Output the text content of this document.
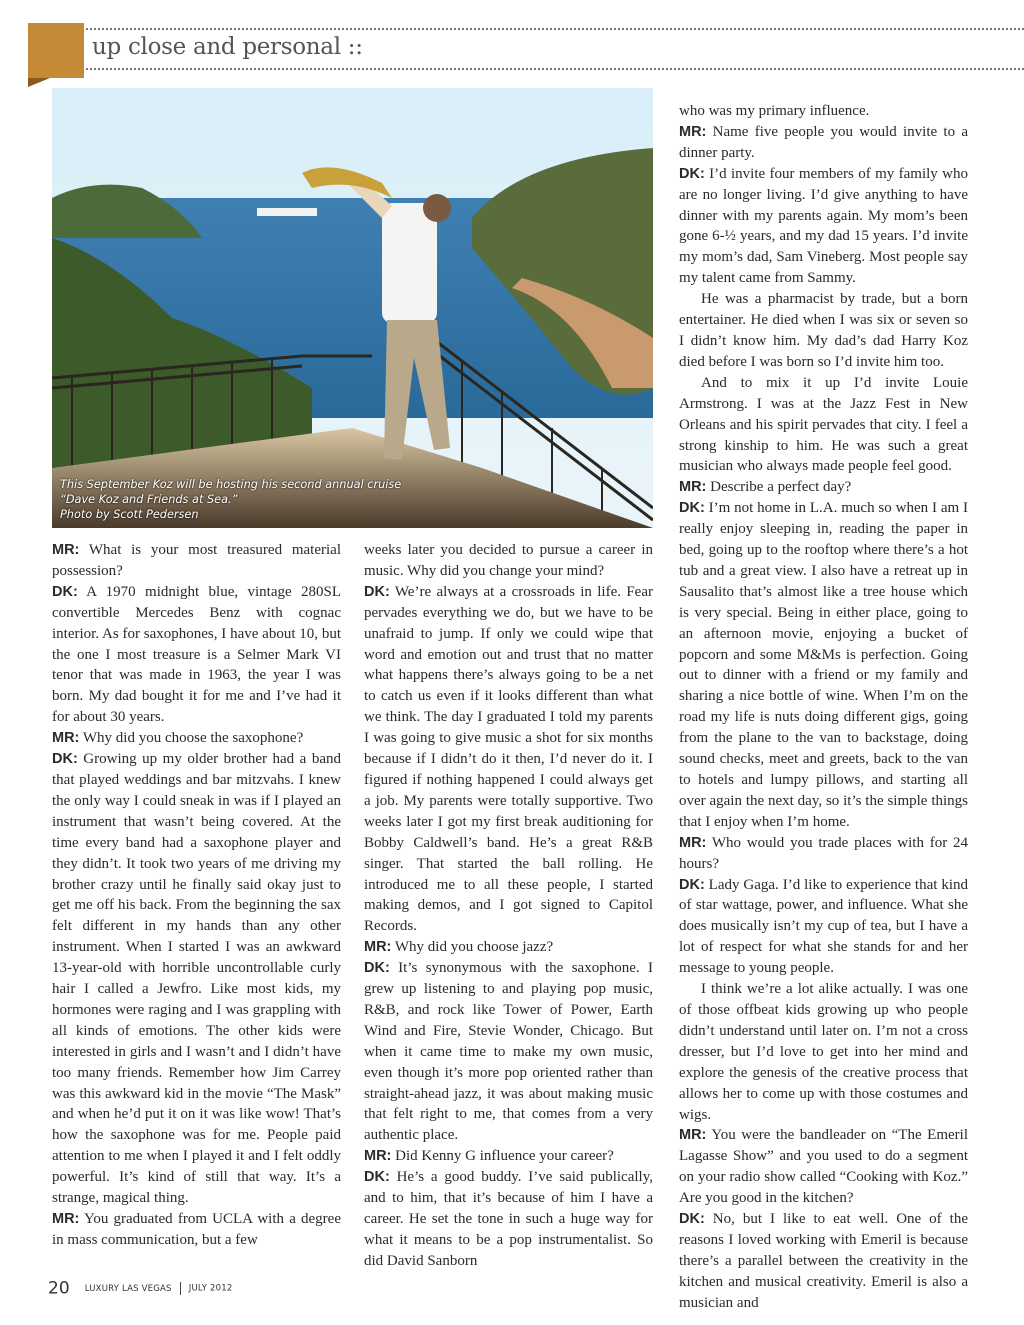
up close and personal ::
This September Koz will be hosting his second annual cruise
“Dave Koz and Friends at Sea.”
Photo by Scott Pedersen

MR: What is your most treasured material possession?

DK: A 1970 midnight blue, vintage 280SL convertible Mercedes Benz with cognac interior. As for saxophones, I have about 10, but the one I most treasure is a Selmer Mark VI tenor that was made in 1963, the year I was born. My dad bought it for me and I’ve had it for about 30 years.

MR: Why did you choose the saxophone?

DK: Growing up my older brother had a band that played weddings and bar mitzvahs. I knew the only way I could sneak in was if I played an instrument that wasn’t being covered. At the time every band had a saxophone player and they didn’t. It took two years of me driving my brother crazy until he finally said okay just to get me off his back. From the beginning the sax felt different in my hands than any other instrument. When I started I was an awkward 13-year-old with horrible uncontrollable curly hair I called a Jewfro. Like most kids, my hormones were raging and I was grappling with all kinds of emotions. The other kids were interested in girls and I wasn’t and I didn’t have too many friends. Remember how Jim Carrey was this awkward kid in the movie “The Mask” and when he’d put it on it was like wow! That’s how the saxophone was for me. People paid attention to me when I played it and I felt oddly powerful. It’s kind of still that way. It’s a strange, magical thing.

MR: You graduated from UCLA with a degree in mass communication, but a few

weeks later you decided to pursue a career in music. Why did you change your mind?

DK: We’re always at a crossroads in life. Fear pervades everything we do, but we have to be unafraid to jump. If only we could wipe that word and emotion out and trust that no matter what happens there’s always going to be a net to catch us even if it looks different than what we think. The day I graduated I told my parents I was going to give music a shot for six months because if I didn’t do it then, I’d never do it. I figured if nothing happened I could always get a job. My parents were totally supportive. Two weeks later I got my first break auditioning for Bobby Caldwell’s band. He’s a great R&B singer. That started the ball rolling. He introduced me to all these people, I started making demos, and I got signed to Capitol Records.

MR: Why did you choose jazz?

DK: It’s synonymous with the saxophone. I grew up listening to and playing pop music, R&B, and rock like Tower of Power, Earth Wind and Fire, Stevie Wonder, Chicago. But when it came time to make my own music, even though it’s more pop oriented rather than straight-ahead jazz, it was about making music that felt right to me, that comes from a very authentic place.

MR: Did Kenny G influence your career?

DK: He’s a good buddy. I’ve said publically, and to him, that it’s because of him I have a career. He set the tone in such a huge way for what it means to be a pop instrumentalist. So did David Sanborn

who was my primary influence.

MR: Name five people you would invite to a dinner party.

DK: I’d invite four members of my family who are no longer living. I’d give anything to have dinner with my parents again. My mom’s been gone 6-½ years, and my dad 15 years. I’d invite my mom’s dad, Sam Vineberg. Most people say my talent came from Sammy.

He was a pharmacist by trade, but a born entertainer. He died when I was six or seven so I didn’t know him. My dad’s dad Harry Koz died before I was born so I’d invite him too.

And to mix it up I’d invite Louie Armstrong. I was at the Jazz Fest in New Orleans and his spirit pervades that city. I feel a strong kinship to him. He was such a great musician who always made people feel good.

MR: Describe a perfect day?

DK: I’m not home in L.A. much so when I am I really enjoy sleeping in, reading the paper in bed, going up to the rooftop where there’s a hot tub and a great view. I also have a retreat up in Sausalito that’s almost like a tree house which is very special. Being in either place, going to an afternoon movie, enjoying a bucket of popcorn and some M&Ms is perfection. Going out to dinner with a friend or my family and sharing a nice bottle of wine. When I’m on the road my life is nuts doing different gigs, going from the plane to the van to backstage, doing sound checks, meet and greets, back to the van to hotels and lumpy pillows, and starting all over again the next day, so it’s the simple things that I enjoy when I’m home.

MR: Who would you trade places with for 24 hours?

DK: Lady Gaga. I’d like to experience that kind of star wattage, power, and influence. What she does musically isn’t my cup of tea, but I have a lot of respect for what she stands for and her message to young people.

I think we’re a lot alike actually. I was one of those offbeat kids growing up who people didn’t understand until later on. I’m not a cross dresser, but I’d love to get into her mind and explore the genesis of the creative process that allows her to come up with those costumes and wigs.

MR: You were the bandleader on “The Emeril Lagasse Show” and you used to do a segment on your radio show called “Cooking with Koz.” Are you good in the kitchen?

DK: No, but I like to eat well. One of the reasons I loved working with Emeril is because there’s a parallel between the creativity in the kitchen and musical creativity. Emeril is also a musician and

20 LUXURY LAS VEGAS JULY 2012
